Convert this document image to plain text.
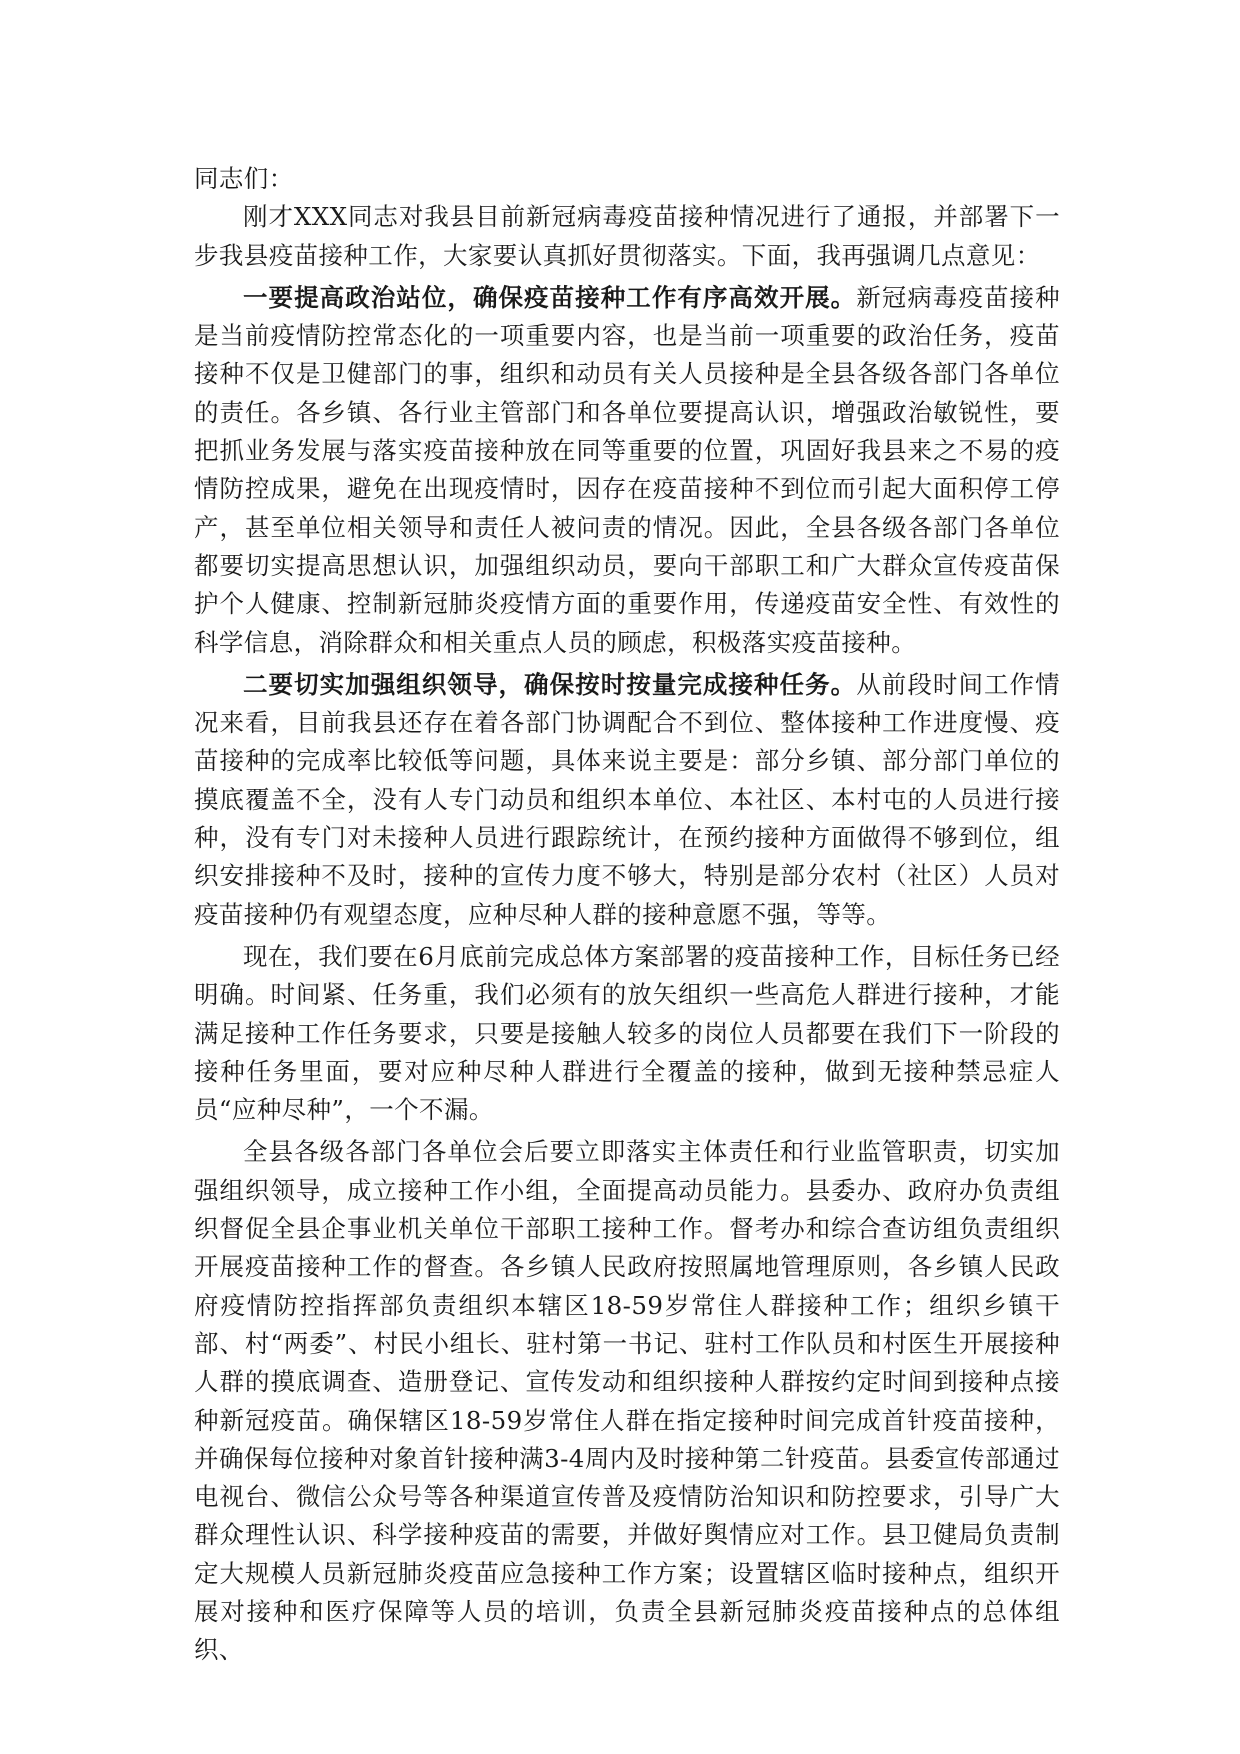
同志们：

刚才XXX同志对我县目前新冠病毒疫苗接种情况进行了通报，并部署下一步我县疫苗接种工作，大家要认真抓好贯彻落实。下面，我再强调几点意见：

一要提高政治站位，确保疫苗接种工作有序高效开展。新冠病毒疫苗接种是当前疫情防控常态化的一项重要内容，也是当前一项重要的政治任务，疫苗接种不仅是卫健部门的事，组织和动员有关人员接种是全县各级各部门各单位的责任。各乡镇、各行业主管部门和各单位要提高认识，增强政治敏锐性，要把抓业务发展与落实疫苗接种放在同等重要的位置，巩固好我县来之不易的疫情防控成果，避免在出现疫情时，因存在疫苗接种不到位而引起大面积停工停产，甚至单位相关领导和责任人被问责的情况。因此，全县各级各部门各单位都要切实提高思想认识，加强组织动员，要向干部职工和广大群众宣传疫苗保护个人健康、控制新冠肺炎疫情方面的重要作用，传递疫苗安全性、有效性的科学信息，消除群众和相关重点人员的顾虑，积极落实疫苗接种。

二要切实加强组织领导，确保按时按量完成接种任务。从前段时间工作情况来看，目前我县还存在着各部门协调配合不到位、整体接种工作进度慢、疫苗接种的完成率比较低等问题，具体来说主要是：部分乡镇、部分部门单位的摸底覆盖不全，没有人专门动员和组织本单位、本社区、本村屯的人员进行接种，没有专门对未接种人员进行跟踪统计，在预约接种方面做得不够到位，组织安排接种不及时，接种的宣传力度不够大，特别是部分农村（社区）人员对疫苗接种仍有观望态度，应种尽种人群的接种意愿不强，等等。

现在，我们要在6月底前完成总体方案部署的疫苗接种工作，目标任务已经明确。时间紧、任务重，我们必须有的放矢组织一些高危人群进行接种，才能满足接种工作任务要求，只要是接触人较多的岗位人员都要在我们下一阶段的接种任务里面，要对应种尽种人群进行全覆盖的接种，做到无接种禁忌症人员“应种尽种”，一个不漏。

全县各级各部门各单位会后要立即落实主体责任和行业监管职责，切实加强组织领导，成立接种工作小组，全面提高动员能力。县委办、政府办负责组织督促全县企事业机关单位干部职工接种工作。督考办和综合查访组负责组织开展疫苗接种工作的督查。各乡镇人民政府按照属地管理原则，各乡镇人民政府疫情防控指挥部负责组织本辖区18-59岁常住人群接种工作；组织乡镇干部、村“两委”、村民小组长、驻村第一书记、驻村工作队员和村医生开展接种人群的摸底调查、造册登记、宣传发动和组织接种人群按约定时间到接种点接种新冠疫苗。确保辖区18-59岁常住人群在指定接种时间完成首针疫苗接种，并确保每位接种对象首针接种满3-4周内及时接种第二针疫苗。县委宣传部通过电视台、微信公众号等各种渠道宣传普及疫情防治知识和防控要求，引导广大群众理性认识、科学接种疫苗的需要，并做好舆情应对工作。县卫健局负责制定大规模人员新冠肺炎疫苗应急接种工作方案；设置辖区临时接种点，组织开展对接种和医疗保障等人员的培训，负责全县新冠肺炎疫苗接种点的总体组织、
